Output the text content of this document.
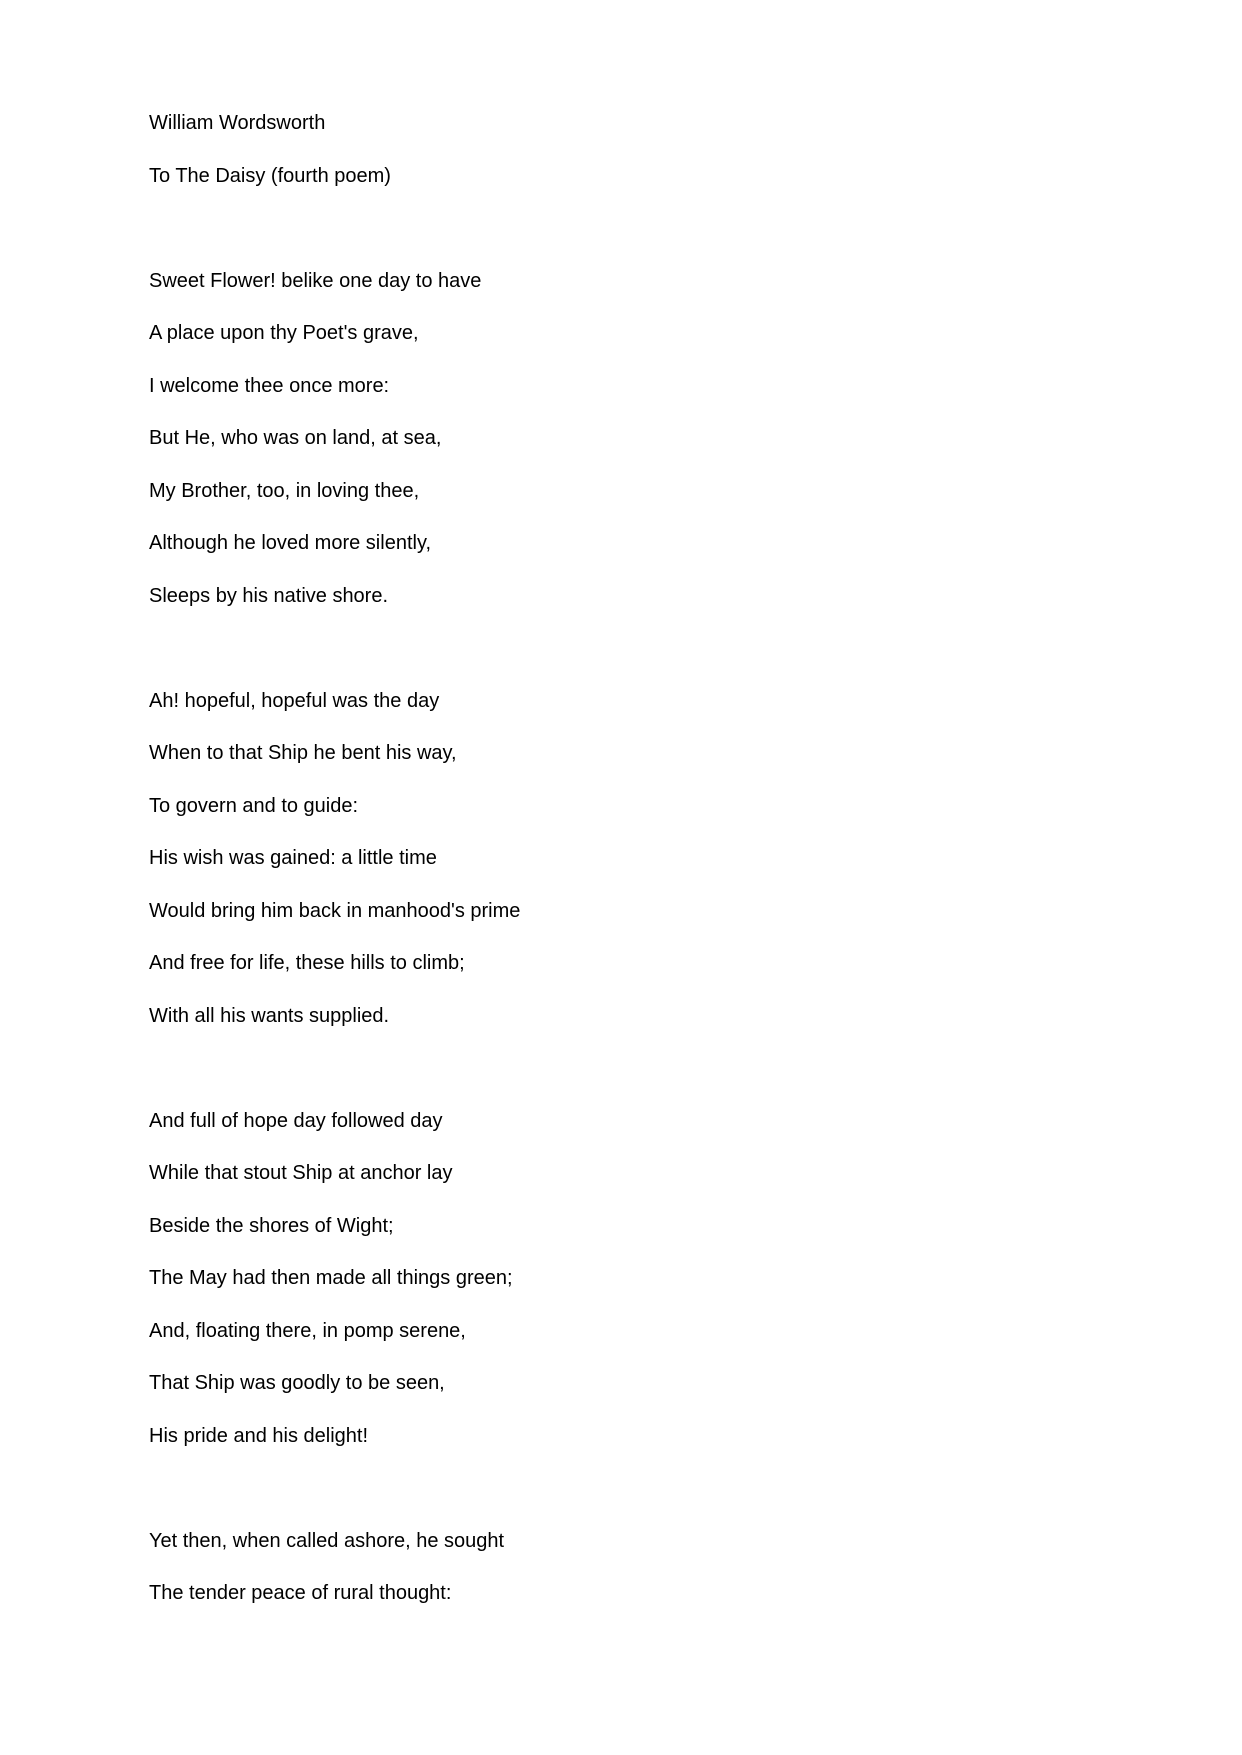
William Wordsworth
To The Daisy (fourth poem)
Sweet Flower! belike one day to have
A place upon thy Poet's grave,
I welcome thee once more:
But He, who was on land, at sea,
My Brother, too, in loving thee,
Although he loved more silently,
Sleeps by his native shore.
Ah! hopeful, hopeful was the day
When to that Ship he bent his way,
To govern and to guide:
His wish was gained: a little time
Would bring him back in manhood's prime
And free for life, these hills to climb;
With all his wants supplied.
And full of hope day followed day
While that stout Ship at anchor lay
Beside the shores of Wight;
The May had then made all things green;
And, floating there, in pomp serene,
That Ship was goodly to be seen,
His pride and his delight!
Yet then, when called ashore, he sought
The tender peace of rural thought:
